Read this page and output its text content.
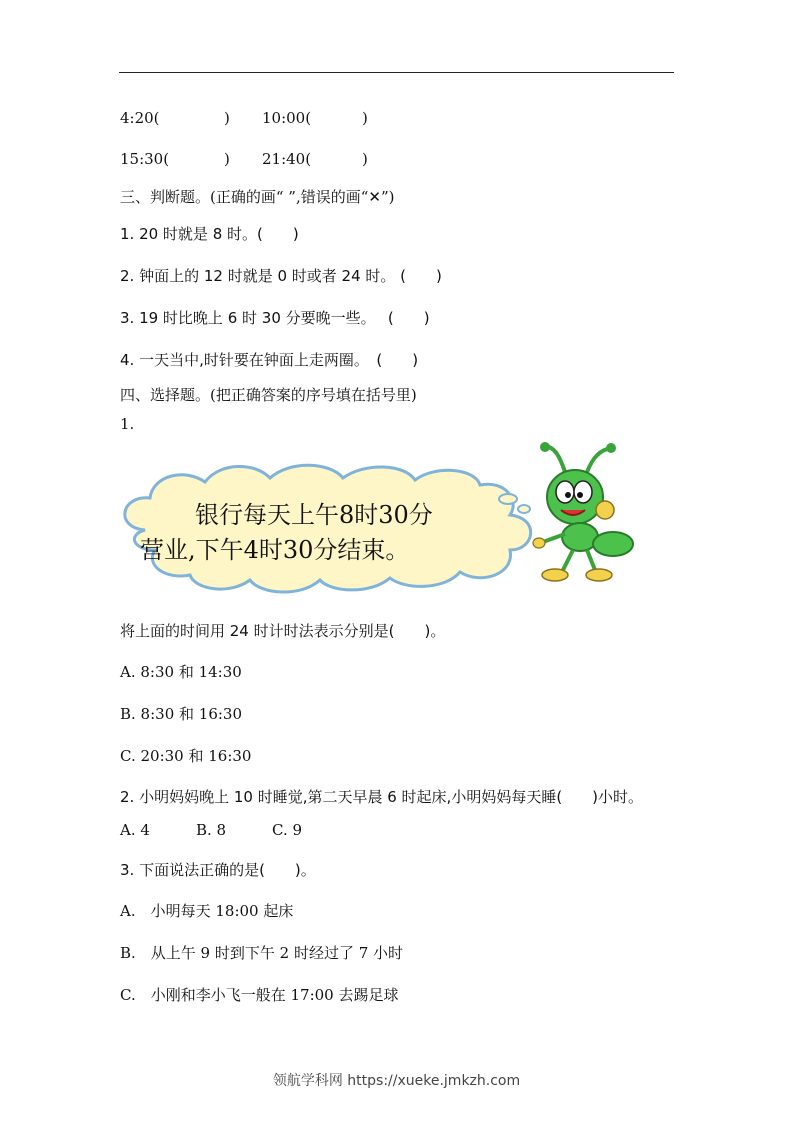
4:20(	) 10:00(	)
15:30(	) 21:40(	)
三、判断题。(正确的画“ ”,错误的画“✕”)
1. 20 时就是 8 时。(　　)
2. 钟面上的 12 时就是 0 时或者 24 时。 (　　)
3. 19 时比晚上 6 时 30 分要晚一些。　 (　　)
4. 一天当中,时针要在钟面上走两圈。　(　　)
四、选择题。(把正确答案的序号填在括号里)
1.
银行每天上午8时30分
营业,下午4时30分结束。
将上面的时间用 24 时计时法表示分别是(　　)。
A. 8:30 和 14:30
B. 8:30 和 16:30
C. 20:30 和 16:30
2. 小明妈妈晚上 10 时睡觉,第二天早晨 6 时起床,小明妈妈每天睡(　　)小时。
A. 4	B. 8	C. 9
3. 下面说法正确的是(　　)。
A.　小明每天 18:00 起床
B.　从上午 9 时到下午 2 时经过了 7 小时
C.　小刚和李小飞一般在 17:00 去踢足球
领航学科网 https://xueke.jmkzh.com
